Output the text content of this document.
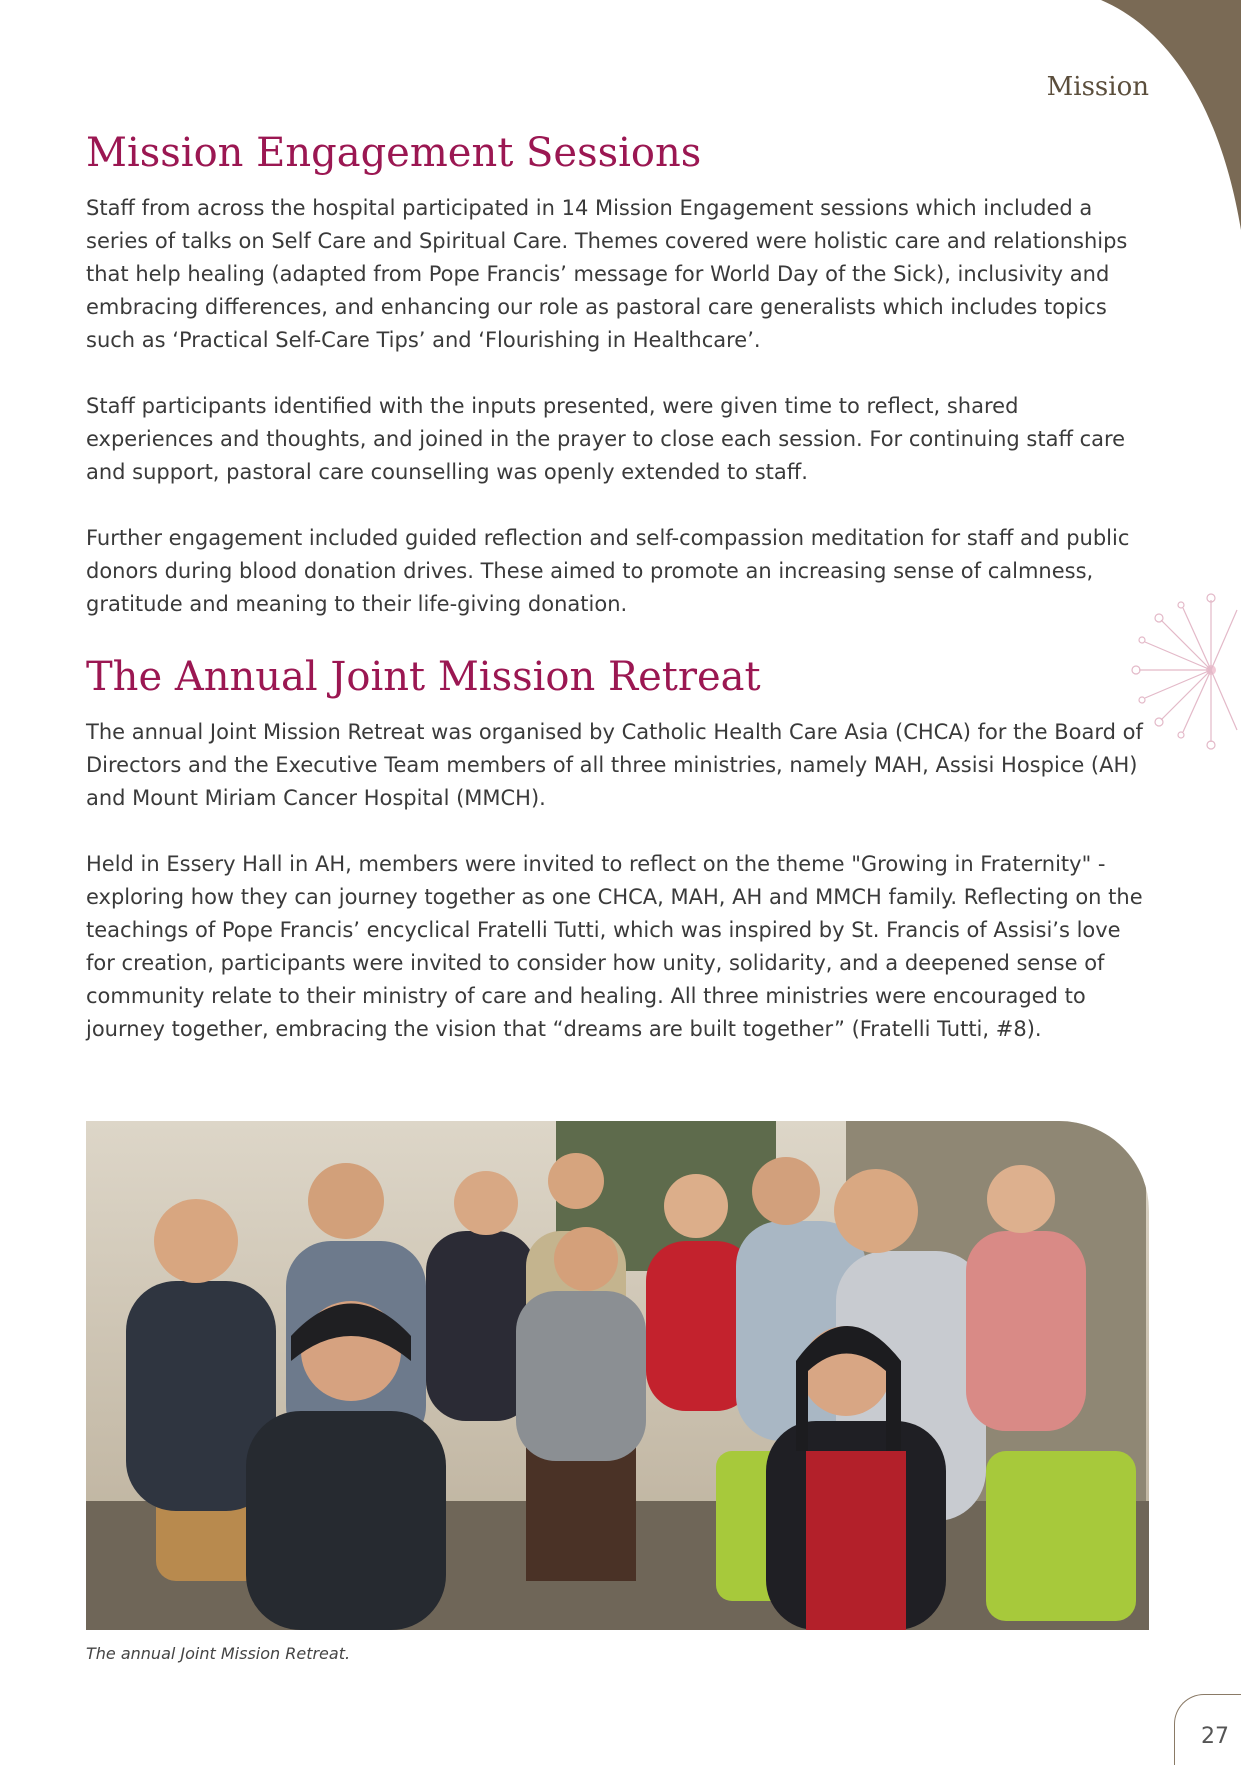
Mission
Mission Engagement Sessions

Staff from across the hospital participated in 14 Mission Engagement sessions which included a series of talks on Self Care and Spiritual Care. Themes covered were holistic care and relationships that help healing (adapted from Pope Francis’ message for World Day of the Sick), inclusivity and embracing differences, and enhancing our role as pastoral care generalists which includes topics such as ‘Practical Self-Care Tips’ and ‘Flourishing in Healthcare’.

Staff participants identified with the inputs presented, were given time to reflect, shared experiences and thoughts, and joined in the prayer to close each session. For continuing staff care and support, pastoral care counselling was openly extended to staff.

Further engagement included guided reflection and self-compassion meditation for staff and public donors during blood donation drives. These aimed to promote an increasing sense of calmness, gratitude and meaning to their life-giving donation.

The Annual Joint Mission Retreat

The annual Joint Mission Retreat was organised by Catholic Health Care Asia (CHCA) for the Board of Directors and the Executive Team members of all three ministries, namely MAH, Assisi Hospice (AH) and Mount Miriam Cancer Hospital (MMCH).

Held in Essery Hall in AH, members were invited to reflect on the theme "Growing in Fraternity" - exploring how they can journey together as one CHCA, MAH, AH and MMCH family. Reflecting on the teachings of Pope Francis’ encyclical Fratelli Tutti, which was inspired by St. Francis of Assisi’s love for creation, participants were invited to consider how unity, solidarity, and a deepened sense of community relate to their ministry of care and healing. All three ministries were encouraged to journey together, embracing the vision that “dreams are built together” (Fratelli Tutti, #8).

The annual Joint Mission Retreat.
27
